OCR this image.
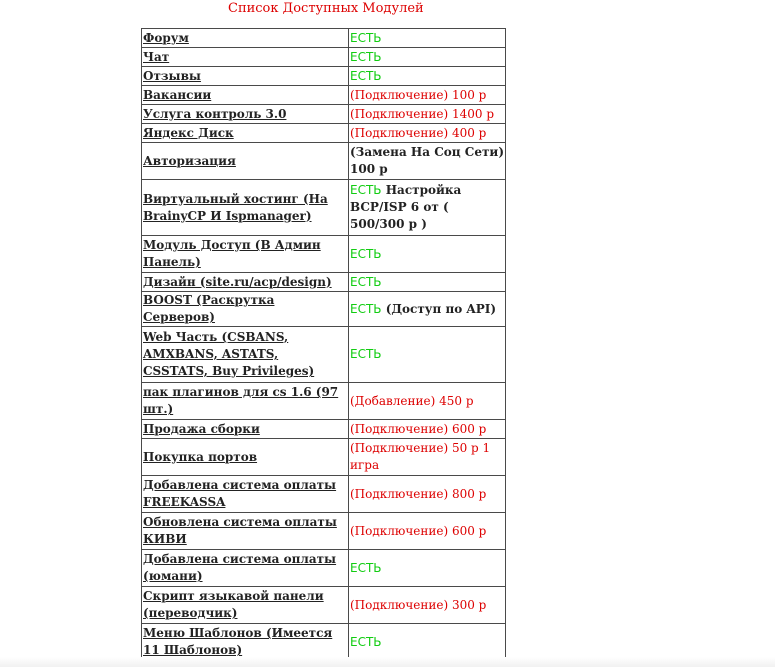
Список Доступных Модулей
Форум	ЕСТЬ
Чат	ЕСТЬ
Отзывы	ЕСТЬ
Вакансии	(Подключение) 100 р
Услуга контроль 3.0	(Подключение) 1400 р
Яндекс Диск	(Подключение) 400 р
Авторизация	(Замена На Соц Сети) 100 р
Виртуальный хостинг (На BrainyCP И Ispmanager)	ЕСТЬ Настройка BCP/ISP 6 от ( 500/300 р )
Модуль Доступ (В Админ Панель)	ЕСТЬ
Дизайн (site.ru/acp/design)	ЕСТЬ
BOOST (Раскрутка Серверов)	ЕСТЬ (Доступ по API)
Web Часть (CSBANS, AMXBANS, ASTATS, CSSTATS, Buy Privileges)	ЕСТЬ
пак плагинов для cs 1.6 (97 шт.)	(Добавление) 450 р
Продажа сборки	(Подключение) 600 р
Покупка портов	(Подключение) 50 р 1 игра
Добавлена система оплаты FREEKASSA	(Подключение) 800 р
Обновлена система оплаты КИВИ	(Подключение) 600 р
Добавлена система оплаты (юмани)	ЕСТЬ
Скрипт языкавой панели (переводчик)	(Подключение) 300 р
Меню Шаблонов (Имеется 11 Шаблонов)	ЕСТЬ
